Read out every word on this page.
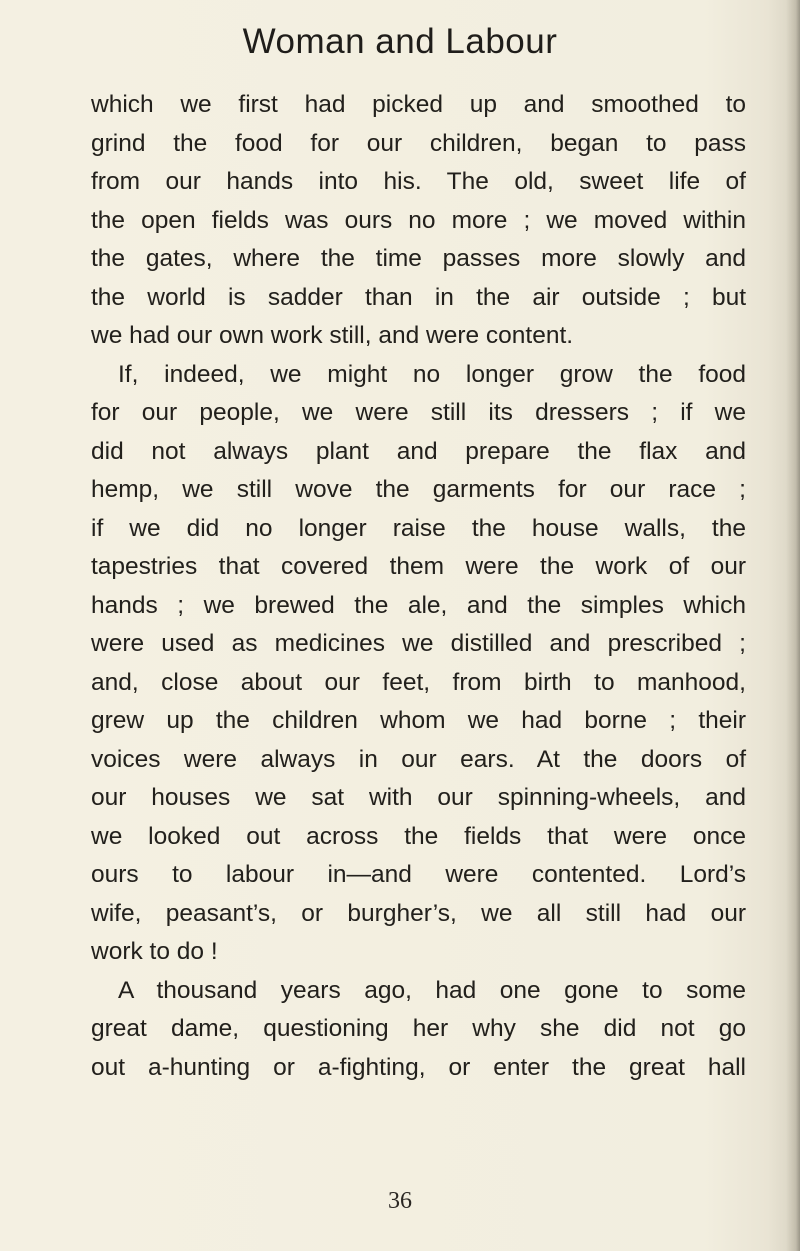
Woman and Labour
which we first had picked up and smoothed to
grind the food for our children, began to pass
from our hands into his. The old, sweet life of
the open fields was ours no more ; we moved within
the gates, where the time passes more slowly and
the world is sadder than in the air outside ; but
we had our own work still, and were content.
If, indeed, we might no longer grow the food
for our people, we were still its dressers ; if we
did not always plant and prepare the flax and
hemp, we still wove the garments for our race ;
if we did no longer raise the house walls, the
tapestries that covered them were the work of our
hands ; we brewed the ale, and the simples which
were used as medicines we distilled and prescribed ;
and, close about our feet, from birth to manhood,
grew up the children whom we had borne ; their
voices were always in our ears. At the doors of
our houses we sat with our spinning-wheels, and
we looked out across the fields that were once
ours to labour in—and were contented. Lord’s
wife, peasant’s, or burgher’s, we all still had our
work to do !
A thousand years ago, had one gone to some
great dame, questioning her why she did not go
out a-hunting or a-fighting, or enter the great hall
36
